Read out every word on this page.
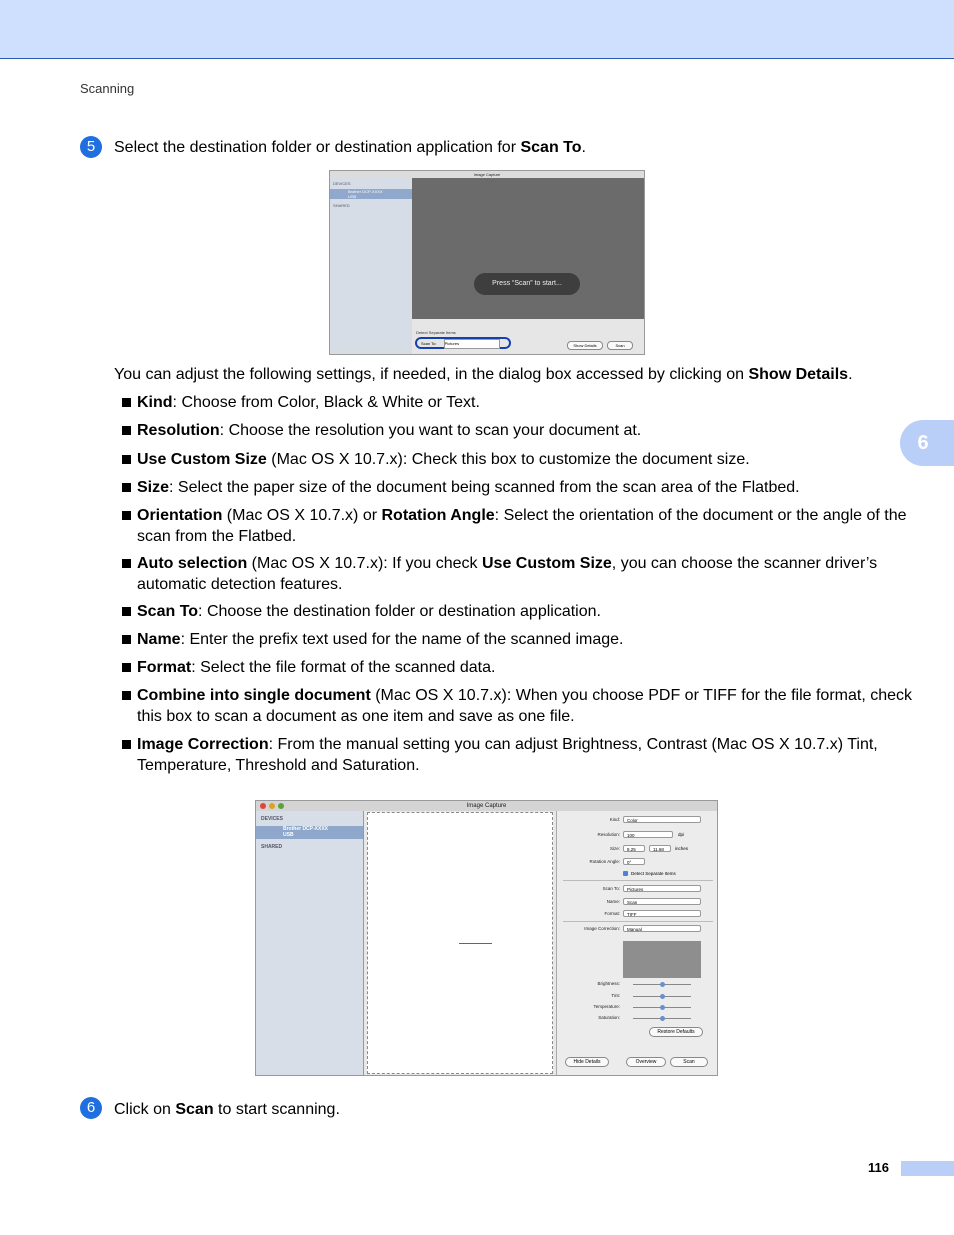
Scanning
5	Select the destination folder or destination application for Scan To.
Image Capture
DEVICES
Brother DCP-XXXX
USB
SHARED
Press “Scan” to start...
Detect Separate Items
Scan To: Pictures	Show Details	Scan
You can adjust the following settings, if needed, in the dialog box accessed by clicking on Show Details.
Kind: Choose from Color, Black & White or Text.
Resolution: Choose the resolution you want to scan your document at.
Use Custom Size (Mac OS X 10.7.x): Check this box to customize the document size.
Size: Select the paper size of the document being scanned from the scan area of the Flatbed.
Orientation (Mac OS X 10.7.x) or Rotation Angle: Select the orientation of the document or the angle of the scan from the Flatbed.
Auto selection (Mac OS X 10.7.x): If you check Use Custom Size, you can choose the scanner driver’s automatic detection features.
Scan To: Choose the destination folder or destination application.
Name: Enter the prefix text used for the name of the scanned image.
Format: Select the file format of the scanned data.
Combine into single document (Mac OS X 10.7.x): When you choose PDF or TIFF for the file format, check this box to scan a document as one item and save as one file.
Image Correction: From the manual setting you can adjust Brightness, Contrast (Mac OS X 10.7.x) Tint, Temperature, Threshold and Saturation.
Image Capture
DEVICES
Brother DCP-XXXX
USB
SHARED
Kind:	Color
Resolution:	100	dpi
Size:	8.25	11.68	inches
Rotation Angle:	0°
Detect Separate Items
Scan To:	Pictures
Name:	Scan
Format:	TIFF
Image Correction:	Manual
Brightness:
Tint:
Temperature:
Saturation:
Restore Defaults
Hide Details	Overview	Scan
6	Click on Scan to start scanning.
6
116
